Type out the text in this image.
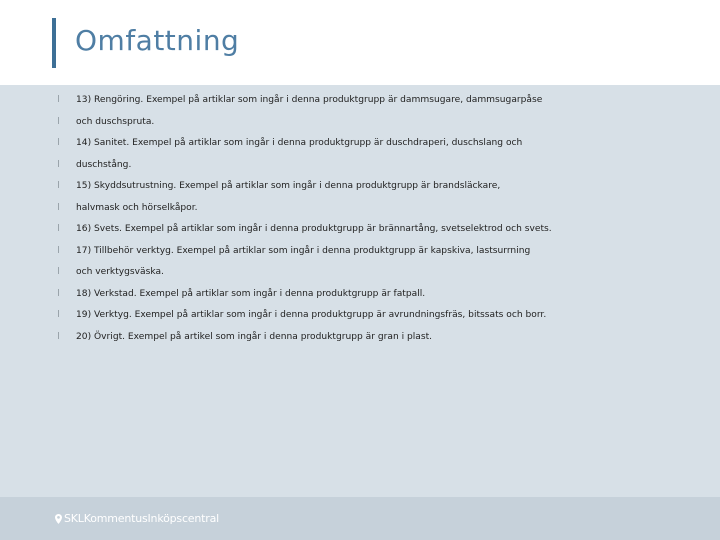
Omfattning
13) Rengöring. Exempel på artiklar som ingår i denna produktgrupp är dammsugare, dammsugarpåse
och duschspruta.
14) Sanitet. Exempel på artiklar som ingår i denna produktgrupp är duschdraperi, duschslang och
duschstång.
15) Skyddsutrustning. Exempel på artiklar som ingår i denna produktgrupp är brandsläckare,
halvmask och hörselkåpor.
16) Svets. Exempel på artiklar som ingår i denna produktgrupp är brännartång, svetselektrod och svets.
17) Tillbehör verktyg. Exempel på artiklar som ingår i denna produktgrupp är kapskiva, lastsurrning
och verktygsväska.
18) Verkstad. Exempel på artiklar som ingår i denna produktgrupp är fatpall.
19) Verktyg. Exempel på artiklar som ingår i denna produktgrupp är avrundningsfräs, bitssats och borr.
20) Övrigt. Exempel på artikel som ingår i denna produktgrupp är gran i plast.
SKLKommentusInköpscentral
